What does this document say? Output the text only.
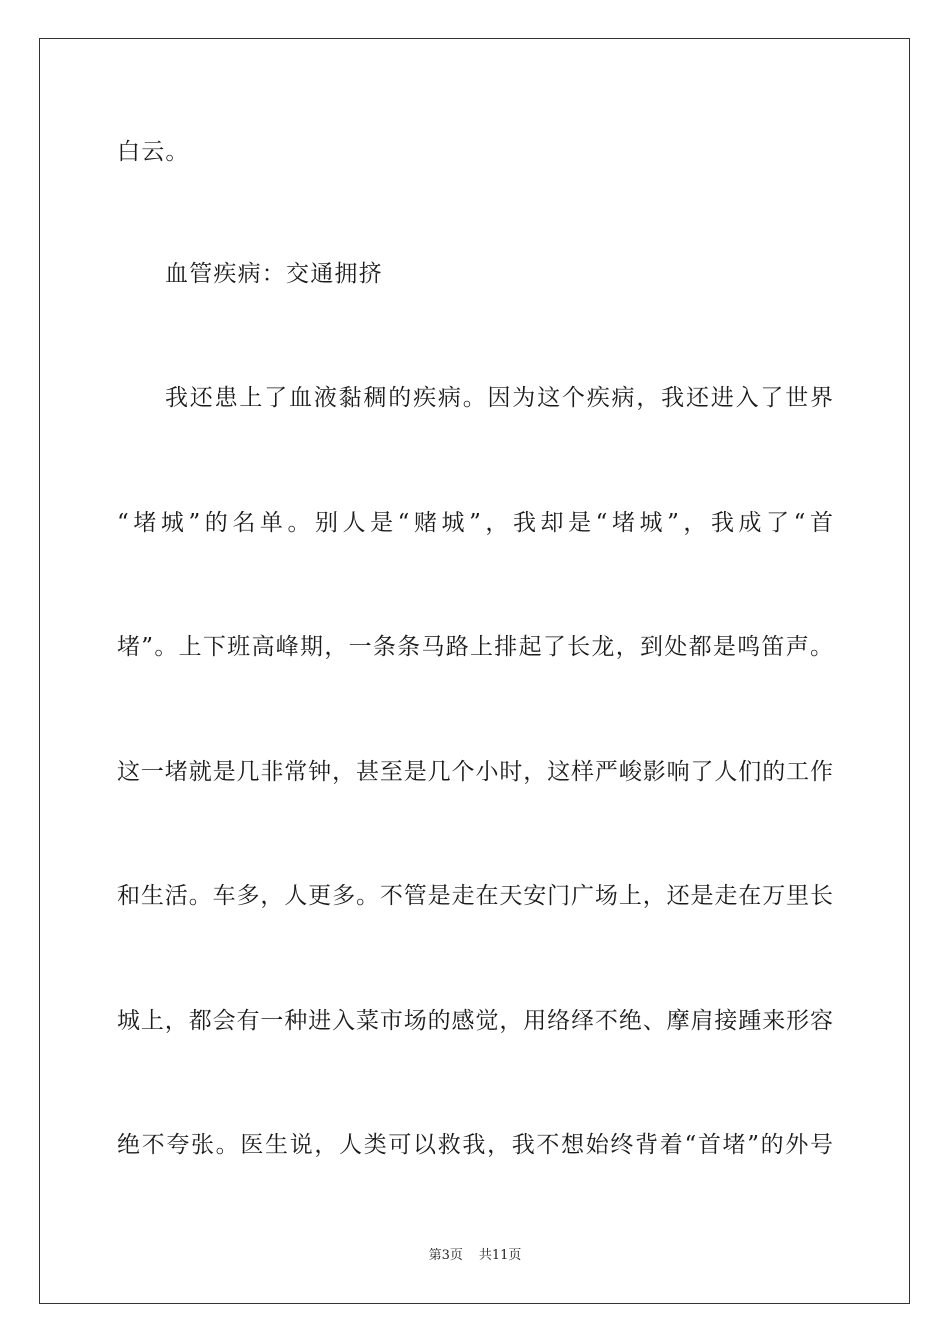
白云。
血管疾病：交通拥挤
我还患上了血液黏稠的疾病。因为这个疾病，我还进入了世界
“堵城”的名单。别人是“赌城”，我却是“堵城”，我成了“首
堵”。上下班高峰期，一条条马路上排起了长龙，到处都是鸣笛声。
这一堵就是几非常钟，甚至是几个小时，这样严峻影响了人们的工作
和生活。车多，人更多。不管是走在天安门广场上，还是走在万里长
城上，都会有一种进入菜市场的感觉，用络绎不绝、摩肩接踵来形容
绝不夸张。医生说，人类可以救我，我不想始终背着“首堵”的外号
第3页 共11页
